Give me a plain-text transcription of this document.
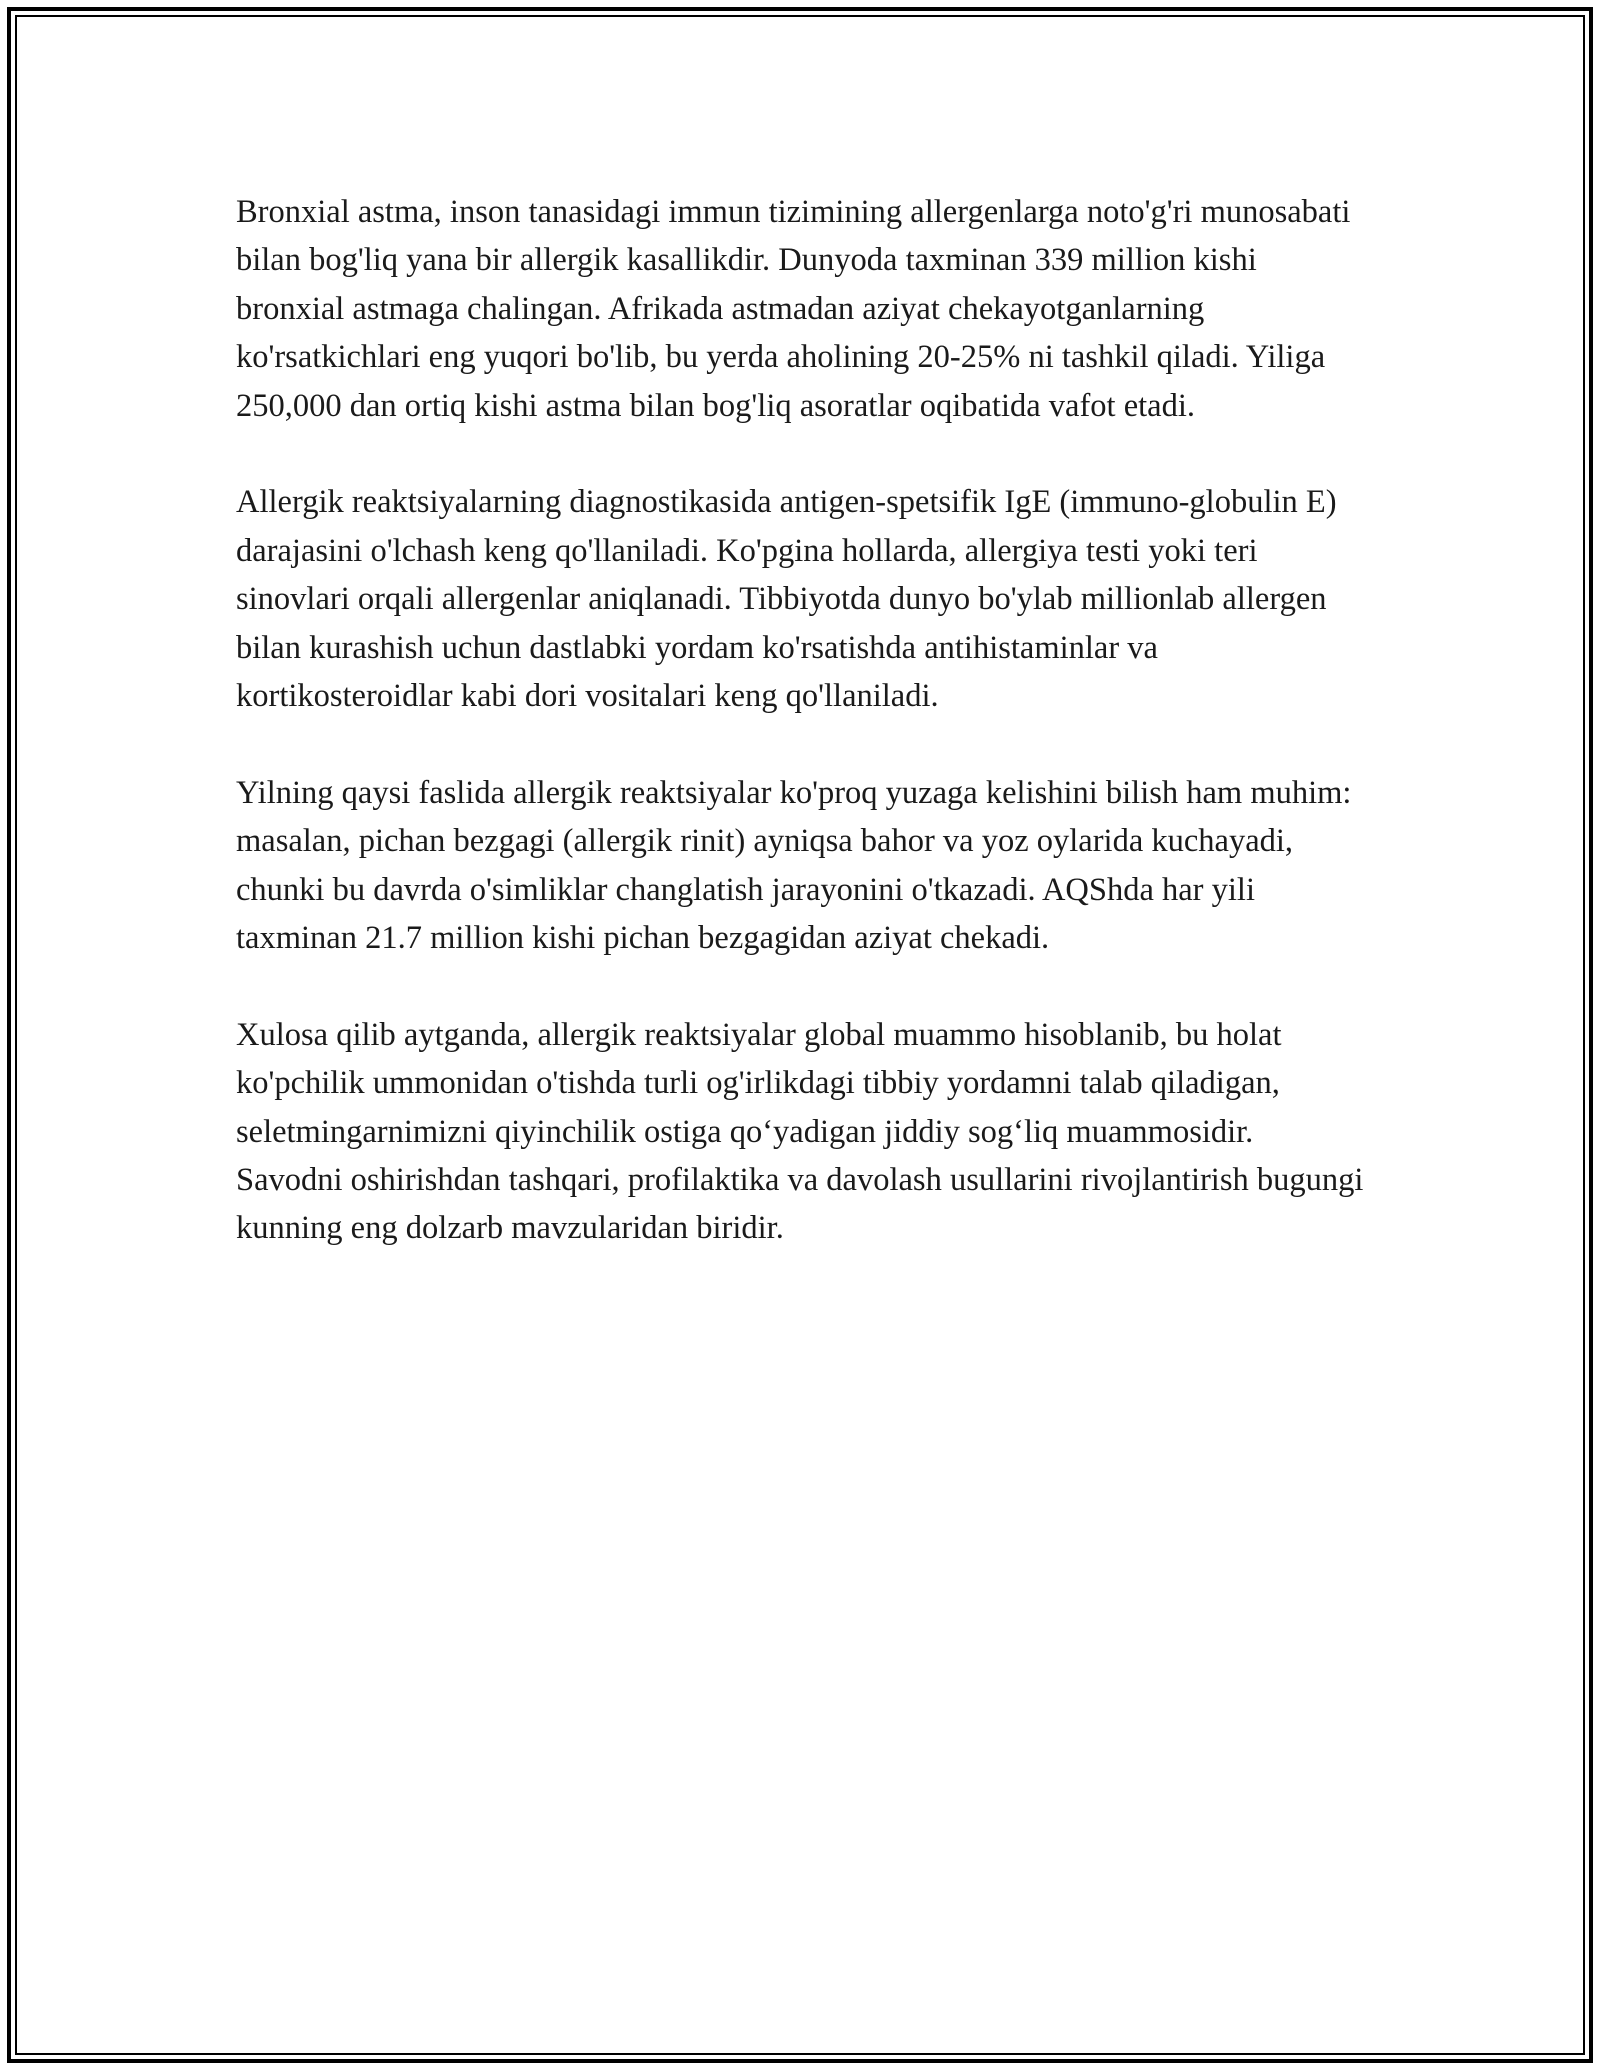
Bronxial astma, inson tanasidagi immun tizimining allergenlarga noto'g'ri munosabati bilan bog'liq yana bir allergik kasallikdir. Dunyoda taxminan 339 million kishi bronxial astmaga chalingan. Afrikada astmadan aziyat chekayotganlarning ko'rsatkichlari eng yuqori bo'lib, bu yerda aholining 20-25% ni tashkil qiladi. Yiliga 250,000 dan ortiq kishi astma bilan bog'liq asoratlar oqibatida vafot etadi.

Allergik reaktsiyalarning diagnostikasida antigen-spetsifik IgE (immuno-globulin E) darajasini o'lchash keng qo'llaniladi. Ko'pgina hollarda, allergiya testi yoki teri sinovlari orqali allergenlar aniqlanadi. Tibbiyotda dunyo bo'ylab millionlab allergen bilan kurashish uchun dastlabki yordam ko'rsatishda antihistaminlar va kortikosteroidlar kabi dori vositalari keng qo'llaniladi.

Yilning qaysi faslida allergik reaktsiyalar ko'proq yuzaga kelishini bilish ham muhim: masalan, pichan bezgagi (allergik rinit) ayniqsa bahor va yoz oylarida kuchayadi, chunki bu davrda o'simliklar changlatish jarayonini o'tkazadi. AQShda har yili taxminan 21.7 million kishi pichan bezgagidan aziyat chekadi.

Xulosa qilib aytganda, allergik reaktsiyalar global muammo hisoblanib, bu holat ko'pchilik ummonidan o'tishda turli og'irlikdagi tibbiy yordamni talab qiladigan, seletmingarnimizni qiyinchilik ostiga qo‘yadigan jiddiy sog‘liq muammosidir. Savodni oshirishdan tashqari, profilaktika va davolash usullarini rivojlantirish bugungi kunning eng dolzarb mavzularidan biridir.
